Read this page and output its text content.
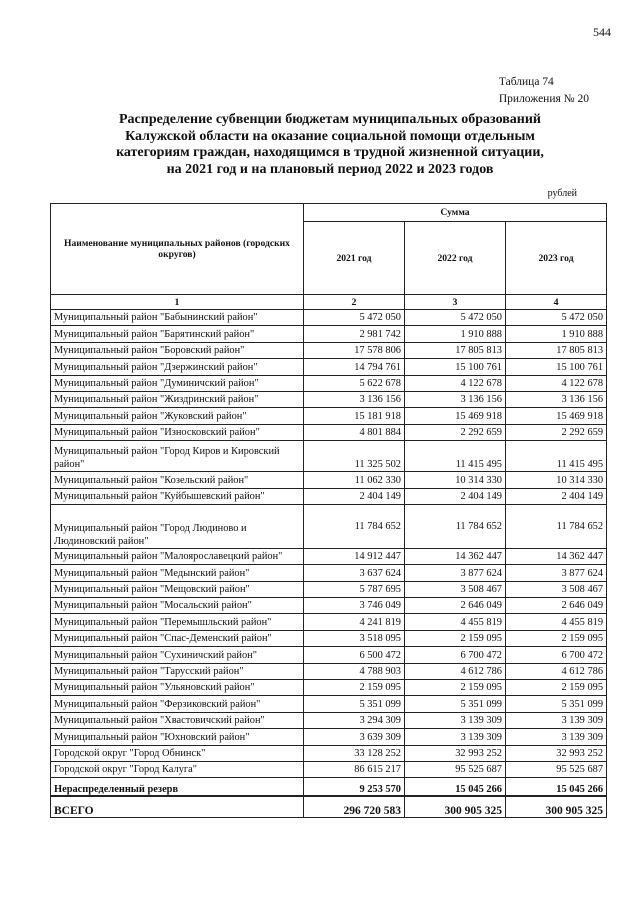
544
Таблица 74
Приложения № 20
Распределение субвенции бюджетам муниципальных образований
Калужской области на оказание социальной помощи отдельным
категориям граждан, находящимся в трудной жизненной ситуации,
на 2021 год и на плановый период 2022 и 2023 годов
рублей
Наименование муниципальных районов (городских округов)	Сумма		
	2021 год	2022 год	2023 год
1	2	3	4
Муниципальный район "Бабынинский район"	5 472 050	5 472 050	5 472 050
Муниципальный район "Барятинский район"	2 981 742	1 910 888	1 910 888
Муниципальный район "Боровский район"	17 578 806	17 805 813	17 805 813
Муниципальный район "Дзержинский район"	14 794 761	15 100 761	15 100 761
Муниципальный район "Думиничский район"	5 622 678	4 122 678	4 122 678
Муниципальный район "Жиздринский район"	3 136 156	3 136 156	3 136 156
Муниципальный район "Жуковский район"	15 181 918	15 469 918	15 469 918
Муниципальный район "Износковский район"	4 801 884	2 292 659	2 292 659
Муниципальный район "Город Киров и Кировский район"	11 325 502	11 415 495	11 415 495
Муниципальный район "Козельский район"	11 062 330	10 314 330	10 314 330
Муниципальный район "Куйбышевский район"	2 404 149	2 404 149	2 404 149
Муниципальный район "Город Людиново и Людиновский район"	11 784 652	11 784 652	11 784 652
Муниципальный район "Малоярославецкий район"	14 912 447	14 362 447	14 362 447
Муниципальный район "Медынский район"	3 637 624	3 877 624	3 877 624
Муниципальный район "Мещовский район"	5 787 695	3 508 467	3 508 467
Муниципальный район "Мосальский район"	3 746 049	2 646 049	2 646 049
Муниципальный район "Перемышльский район"	4 241 819	4 455 819	4 455 819
Муниципальный район "Спас-Деменский район"	3 518 095	2 159 095	2 159 095
Муниципальный район "Сухиничский район"	6 500 472	6 700 472	6 700 472
Муниципальный район "Тарусский район"	4 788 903	4 612 786	4 612 786
Муниципальный район "Ульяновский район"	2 159 095	2 159 095	2 159 095
Муниципальный район "Ферзиковский район"	5 351 099	5 351 099	5 351 099
Муниципальный район "Хвастовичский район"	3 294 309	3 139 309	3 139 309
Муниципальный район "Юхновский район"	3 639 309	3 139 309	3 139 309
Городской округ "Город Обнинск"	33 128 252	32 993 252	32 993 252
Городской округ "Город Калуга"	86 615 217	95 525 687	95 525 687
Нераспределенный резерв	9 253 570	15 045 266	15 045 266
ВСЕГО	296 720 583	300 905 325	300 905 325
